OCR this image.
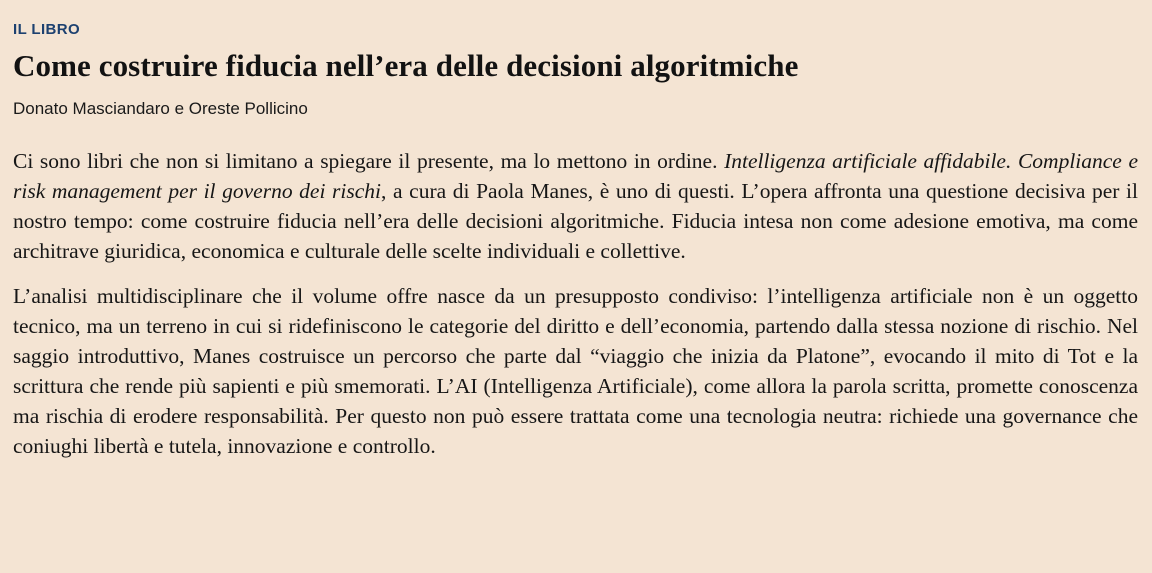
IL LIBRO
Come costruire fiducia nell’era delle decisioni algoritmiche
Donato Masciandaro e Oreste Pollicino

Ci sono libri che non si limitano a spiegare il presente, ma lo mettono in ordine. Intelligenza artificiale affidabile. Compliance e risk management per il governo dei rischi, a cura di Paola Manes, è uno di questi. L’opera affronta una questione decisiva per il nostro tempo: come costruire fiducia nell’era delle decisioni algoritmiche. Fiducia intesa non come adesione emotiva, ma come architrave giuridica, economica e culturale delle scelte individuali e collettive.

L’analisi multidisciplinare che il volume offre nasce da un presupposto condiviso: l’intelligenza artificiale non è un oggetto tecnico, ma un terreno in cui si ridefiniscono le categorie del diritto e dell’economia, partendo dalla stessa nozione di rischio. Nel saggio introduttivo, Manes costruisce un percorso che parte dal “viaggio che inizia da Platone”, evocando il mito di Tot e la scrittura che rende più sapienti e più smemorati. L’AI (Intelligenza Artificiale), come allora la parola scritta, promette conoscenza ma rischia di erodere responsabilità. Per questo non può essere trattata come una tecnologia neutra: richiede una governance che coniughi libertà e tutela, innovazione e controllo.
